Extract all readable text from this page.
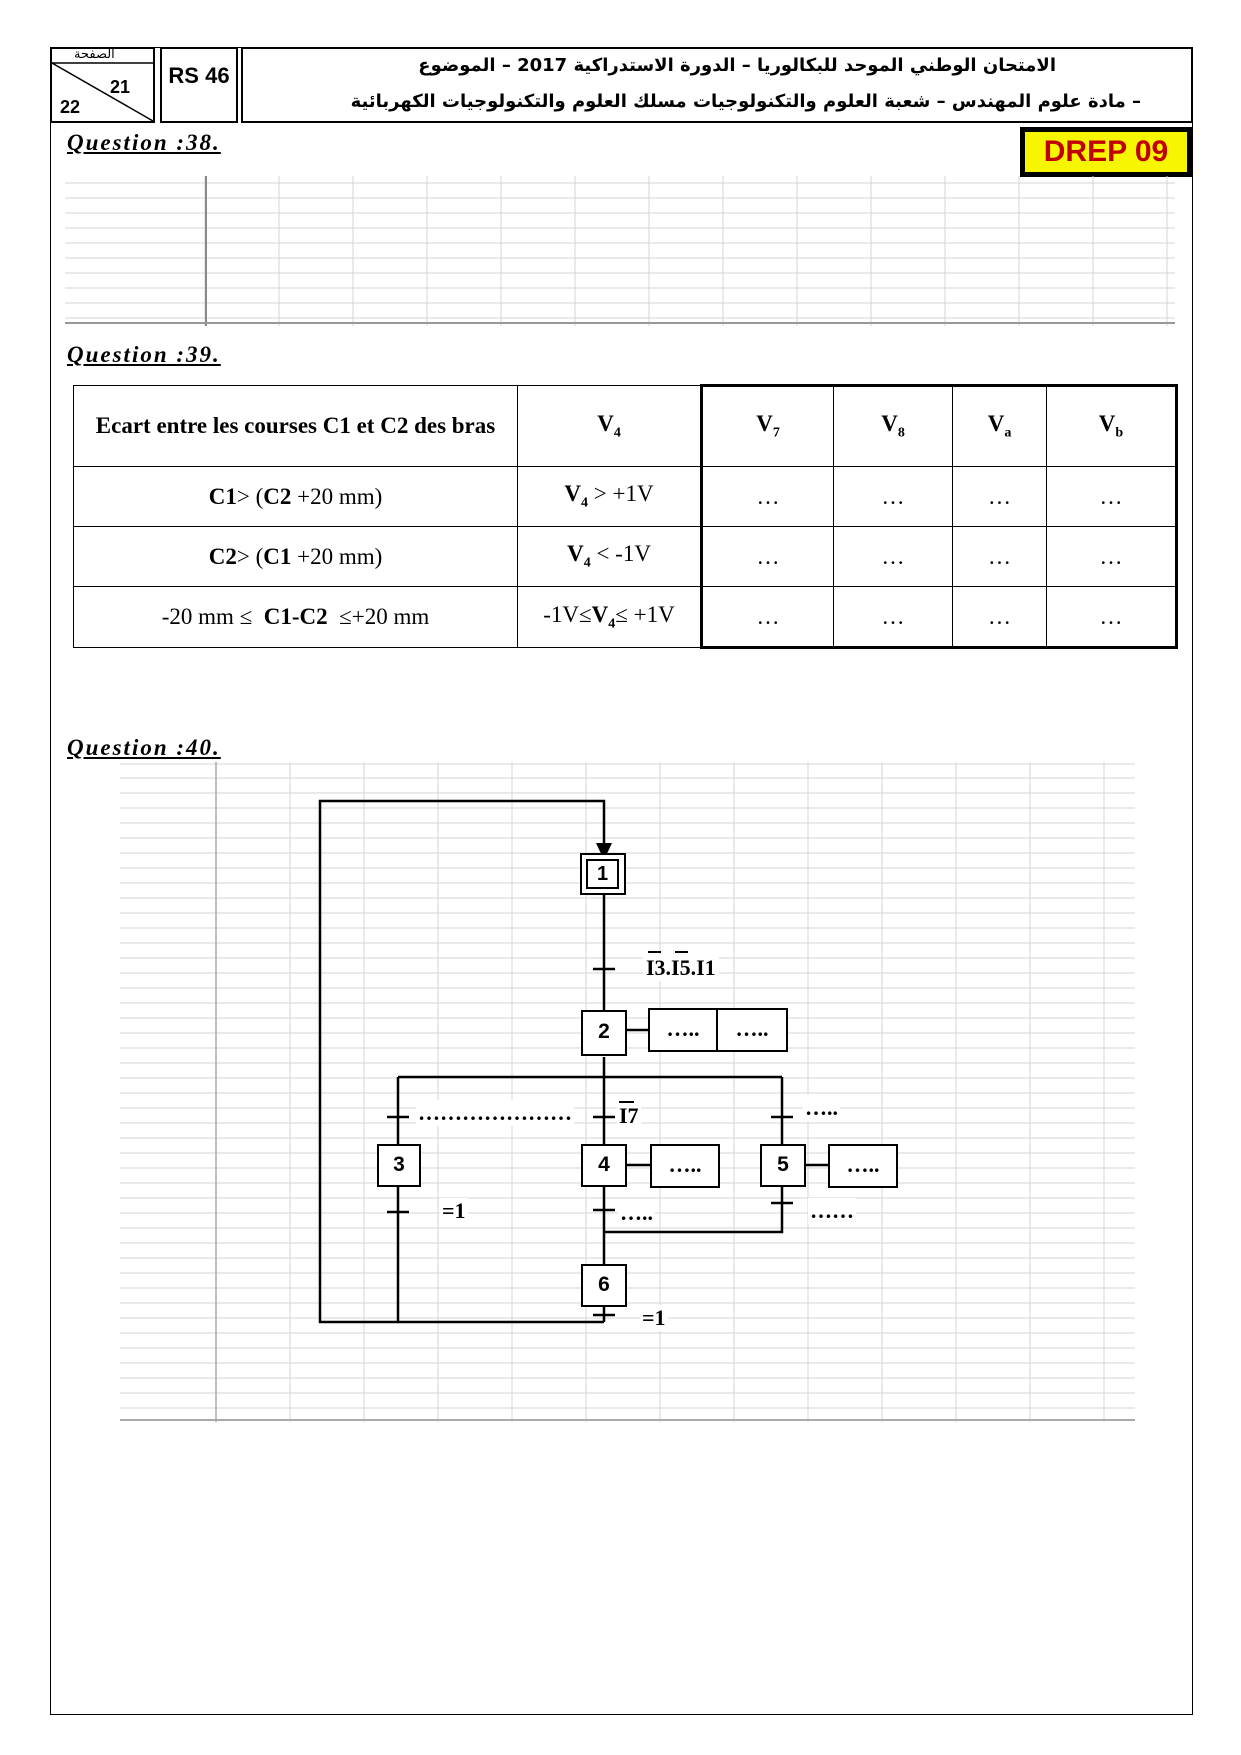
الصفحة
21
22
RS 46	الامتحان الوطني الموحد للبكالوريا – الدورة الاستدراكية 2017 – الموضوع
– مادة علوم المهندس – شعبة العلوم والتكنولوجيات مسلك العلوم والتكنولوجيات الكهربائية
DREP 09
Question :38.
Question :39.
Ecart entre les courses C1 et C2 des bras	$V_4$	$V_7$	$V_8$	$V_a$	$V_b$
C1> (C2 +20 mm)	$V_4 > +1V$	…	…	…	…
C2> (C1 +20 mm)	$V_4 < -1V$	…	…	…	…
-20 mm ≤  C1-C2  ≤+20 mm	$-1V\le V_4\le +1V$	…	…	…	…
Question :40.
1
2
3	4	5
6
…..	…..
…..	…..
I3.I5.I1
………………… I7	…..
=1	…..	……
=1
